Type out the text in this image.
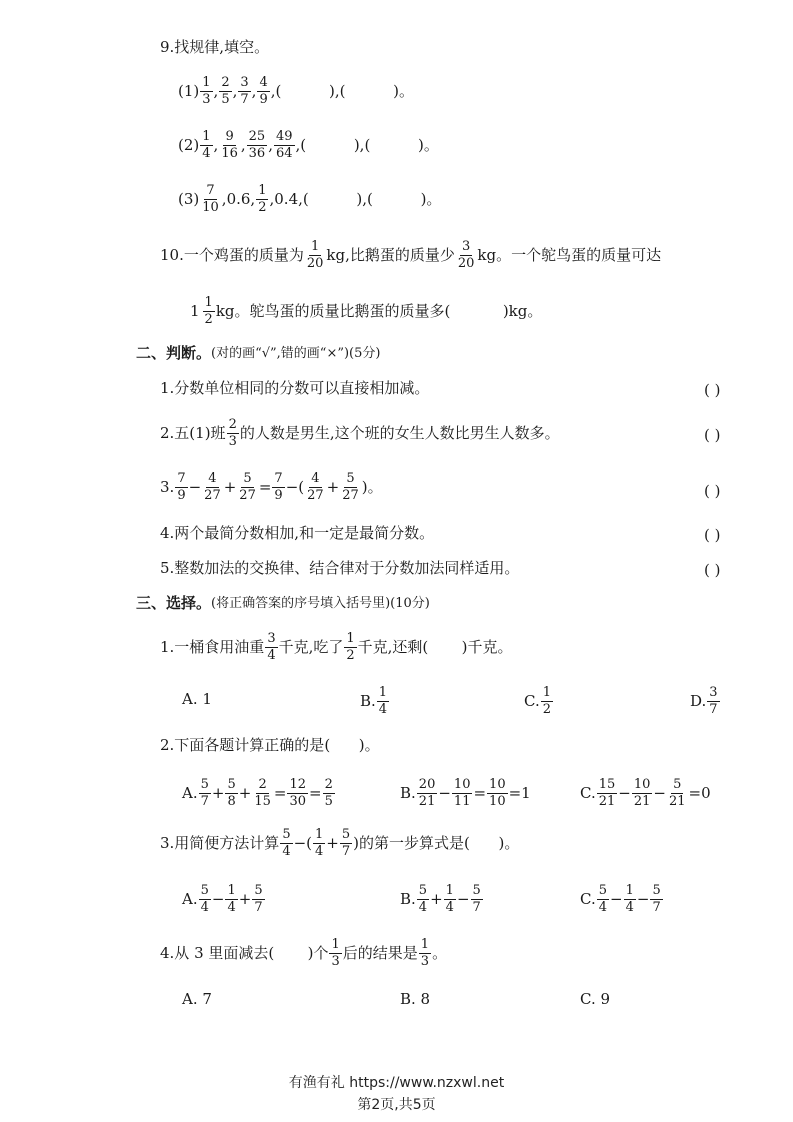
9.找规律,填空。
$(1) \frac{1}{3}$ , $\frac{2}{5}$ , $\frac{3}{7}$ , $\frac{4}{9}$ , (          ),(          )。
$(2) \frac{1}{4}$ , $\frac{9}{16}$ , $\frac{25}{36}$ , $\frac{49}{64}$ , (          ),(          )。
$(3) \frac{7}{10} ,0.6$, $\frac{1}{2} ,0.4$, (          ),(          )。
10.一个鸡蛋的质量为 $\frac{1}{20}$ kg,比鹅蛋的质量少 $\frac{3}{20}$ kg。一个鸵鸟蛋的质量可达
$1 \frac{1}{2}$ kg。鸵鸟蛋的质量比鹅蛋的质量多(           )kg。
二、判断。 (对的画“√”,错的画“×”)(5分)
1.分数单位相同的分数可以直接相加减。	( )
2.五(1)班 $\frac{2}{3}$ 的人数是男生,这个班的女生人数比男生人数多。	( )
3. $\frac{7}{9} - \frac{4}{27} + \frac{5}{27} = \frac{7}{9}$ −( $\frac{4}{27} + \frac{5}{27}$ )。	( )
4.两个最简分数相加,和一定是最简分数。	( )
5.整数加法的交换律、结合律对于分数加法同样适用。	( )
三、选择。 (将正确答案的序号填入括号里)(10分)
1.一桶食用油重 $\frac{3}{4}$ 千克,吃了 $\frac{1}{2}$ 千克,还剩(       )千克。
A. 1	B. $\frac{1}{4}$	C. $\frac{1}{2}$	D. $\frac{3}{7}$
2.下面各题计算正确的是(      )。
A. $\frac{5}{7} + \frac{5}{8} + \frac{2}{15} = \frac{12}{30} = \frac{2}{5}$	B. $\frac{20}{21} - \frac{10}{11} = \frac{10}{10} =1$	C. $\frac{15}{21} - \frac{10}{21} - \frac{5}{21} =0$
3.用简便方法计算 $\frac{5}{4}$ −( $\frac{1}{4} + \frac{5}{7}$ )的第一步算式是(      )。
A. $\frac{5}{4} - \frac{1}{4} + \frac{5}{7}$	B. $\frac{5}{4} + \frac{1}{4} - \frac{5}{7}$	C. $\frac{5}{4} - \frac{1}{4} - \frac{5}{7}$
4.从 3 里面减去(       )个 $\frac{1}{3}$ 后的结果是 $\frac{1}{3}$ 。
A. 7	B. 8	C. 9
有渔有礼 https://www.nzxwl.net
第2页,共5页
